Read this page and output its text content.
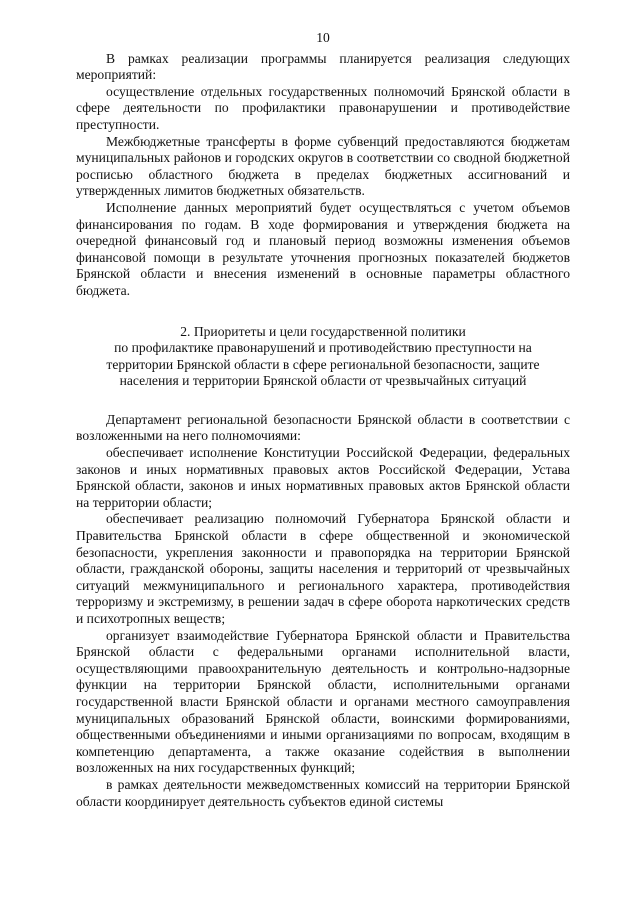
10

В рамках реализации программы планируется реализация следующих мероприятий:

осуществление отдельных государственных полномочий Брянской области в сфере деятельности по профилактики правонарушении и противодействие преступности.

Межбюджетные трансферты в форме субвенций предоставляются бюджетам муниципальных районов и городских округов в соответствии со сводной бюджетной росписью областного бюджета в пределах бюджетных ассигнований и утвержденных лимитов бюджетных обязательств.

Исполнение данных мероприятий будет осуществляться с учетом объемов финансирования по годам. В ходе формирования и утверждения бюджета на очередной финансовый год и плановый период возможны изменения объемов финансовой помощи в результате уточнения прогнозных показателей бюджетов Брянской области и внесения изменений в основные параметры областного бюджета.

2. Приоритеты и цели государственной политики
по профилактике правонарушений и противодействию преступности на
территории Брянской области в сфере региональной безопасности, защите
населения и территории Брянской области от чрезвычайных ситуаций

Департамент региональной безопасности Брянской области в соответствии с возложенными на него полномочиями:

обеспечивает исполнение Конституции Российской Федерации, федеральных законов и иных нормативных правовых актов Российской Федерации, Устава Брянской области, законов и иных нормативных правовых актов Брянской области на территории области;

обеспечивает реализацию полномочий Губернатора Брянской области и Правительства Брянской области в сфере общественной и экономической безопасности, укрепления законности и правопорядка на территории Брянской области, гражданской обороны, защиты населения и территорий от чрезвычайных ситуаций межмуниципального и регионального характера, противодействия терроризму и экстремизму, в решении задач в сфере оборота наркотических средств и психотропных веществ;

организует взаимодействие Губернатора Брянской области и Правительства Брянской области с федеральными органами исполнительной власти, осуществляющими правоохранительную деятельность и контрольно-надзорные функции на территории Брянской области, исполнительными органами государственной власти Брянской области и органами местного самоуправления муниципальных образований Брянской области, воинскими формированиями, общественными объединениями и иными организациями по вопросам, входящим в компетенцию департамента, а также оказание содействия в выполнении возложенных на них государственных функций;

в рамках деятельности межведомственных комиссий на территории Брянской области координирует деятельность субъектов единой системы
